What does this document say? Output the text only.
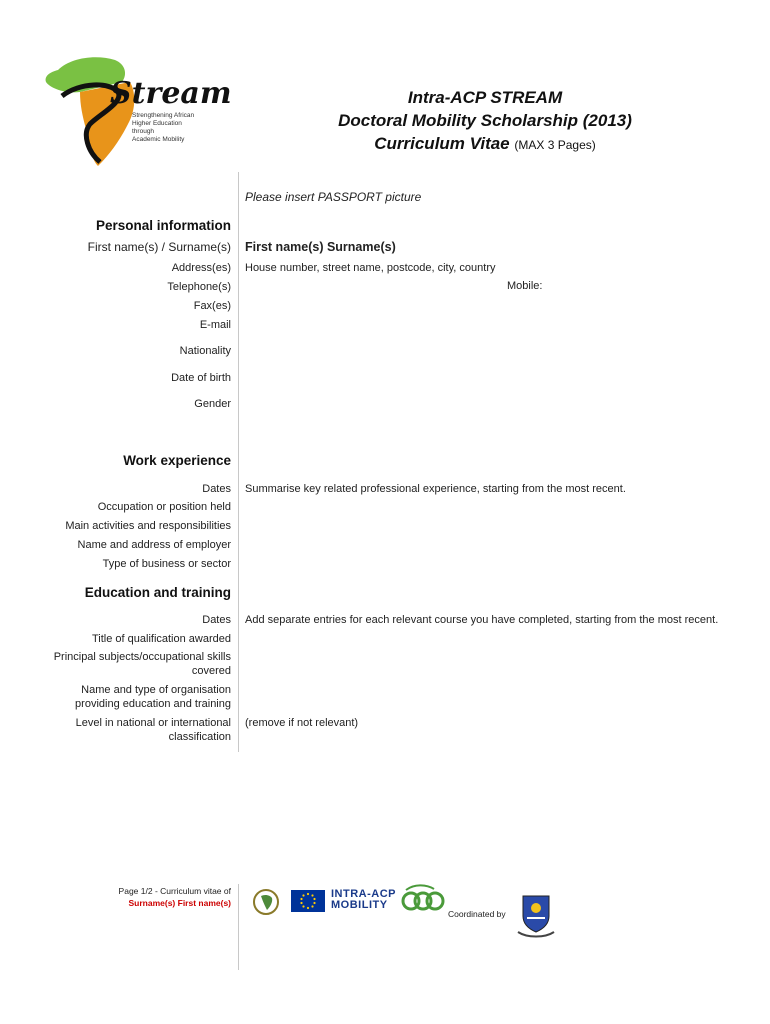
Stream
Strengthening African
Higher Education through
Academic Mobility
Intra-ACP STREAM
Doctoral Mobility Scholarship (2013)
Curriculum Vitae (MAX 3 Pages)
Please insert PASSPORT picture
Personal information
First name(s) / Surname(s) First name(s) Surname(s)
Address(es) House number, street name, postcode, city, country
Telephone(s)	Mobile:
Fax(es)
E-mail
Nationality
Date of birth
Gender
Work experience
Dates Summarise key related professional experience, starting from the most recent.
Occupation or position held
Main activities and responsibilities
Name and address of employer
Type of business or sector
Education and training
Dates Add separate entries for each relevant course you have completed, starting from the most recent.
Title of qualification awarded
Principal subjects/occupational skills covered
Name and type of organisation providing education and training
Level in national or international classification
(remove if not relevant)
Page 1/2 - Curriculum vitae of
Surname(s) First name(s)
INTRA-ACP
MOBILITY
Coordinated by
